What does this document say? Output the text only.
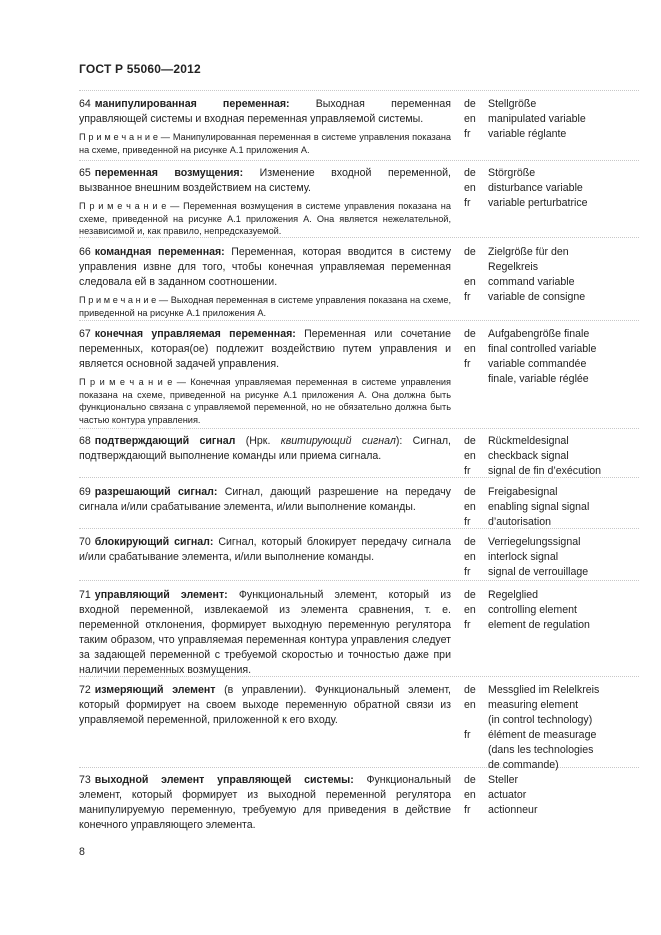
ГОСТ Р 55060—2012

64 манипулированная переменная: Выходная переменная управляющей системы и входная переменная управляемой системы.

П р и м е ч а н и е — Манипулированная переменная в системе управления показана на схеме, приведенной на рисунке А.1 приложения А.

de	Stellgröße
en	manipulated variable
fr	variable réglante

65 переменная возмущения: Изменение входной переменной, вызванное внешним воздействием на систему.

П р и м е ч а н и е — Переменная возмущения в системе управления показана на схеме, приведенной на рисунке А.1 приложения А. Она является нежелательной, независимой и, как правило, непредсказуемой.

de	Störgröße
en	disturbance variable
fr	variable perturbatrice

66 командная переменная: Переменная, которая вводится в систему управления извне для того, чтобы конечная управляемая переменная следовала ей в заданном соотношении.

П р и м е ч а н и е — Выходная переменная в системе управления показана на схеме, приведенной на рисунке А.1 приложения А.

de	Zielgröße für den
Regelkreis
en	command variable
fr	variable de consigne

67 конечная управляемая переменная: Переменная или сочетание переменных, которая(ое) подлежит воздействию путем управления и является основной задачей управления.

П р и м е ч а н и е — Конечная управляемая переменная в системе управления показана на схеме, приведенной на рисунке А.1 приложения А. Она должна быть функционально связана с управляемой переменной, но не обязательно должна быть частью контура управления.

de	Aufgabengröße finale
en	final controlled variable
fr	variable commandée
finale, variable réglée

68 подтверждающий сигнал (Нрк. квитирующий сигнал): Сигнал, подтверждающий выполнение команды или приема сигнала.

de	Rückmeldesignal
en	checkback signal
fr	signal de fin d’exécution

69 разрешающий сигнал: Сигнал, дающий разрешение на передачу сигнала и/или срабатывание элемента, и/или выполнение команды.

de	Freigabesignal
en	enabling signal signal
fr	d’autorisation

70 блокирующий сигнал: Сигнал, который блокирует передачу сигнала и/или срабатывание элемента, и/или выполнение команды.

de	Verriegelungssignal
en	interlock signal
fr	signal de verrouillage

71 управляющий элемент: Функциональный элемент, который из входной переменной, извлекаемой из элемента сравнения, т. е. переменной отклонения, формирует выходную переменную регулятора таким образом, что управляемая переменная контура управления следует за задающей переменной с требуемой скоростью и точностью даже при наличии переменных возмущения.

de	Regelglied
en	controlling element
fr	element de regulation

72 измеряющий элемент (в управлении). Функциональный элемент, который формирует на своем выходе переменную обратной связи из управляемой переменной, приложенной к его входу.

de	Messglied im Relelkreis
en	measuring element
(in control technology)
fr	élément de measurage
(dans les technologies
de commande)

73 выходной элемент управляющей системы: Функциональный элемент, который формирует из выходной переменной регулятора манипулируемую переменную, требуемую для приведения в действие конечного управляющего элемента.

de	Steller
en	actuator
fr	actionneur
8
